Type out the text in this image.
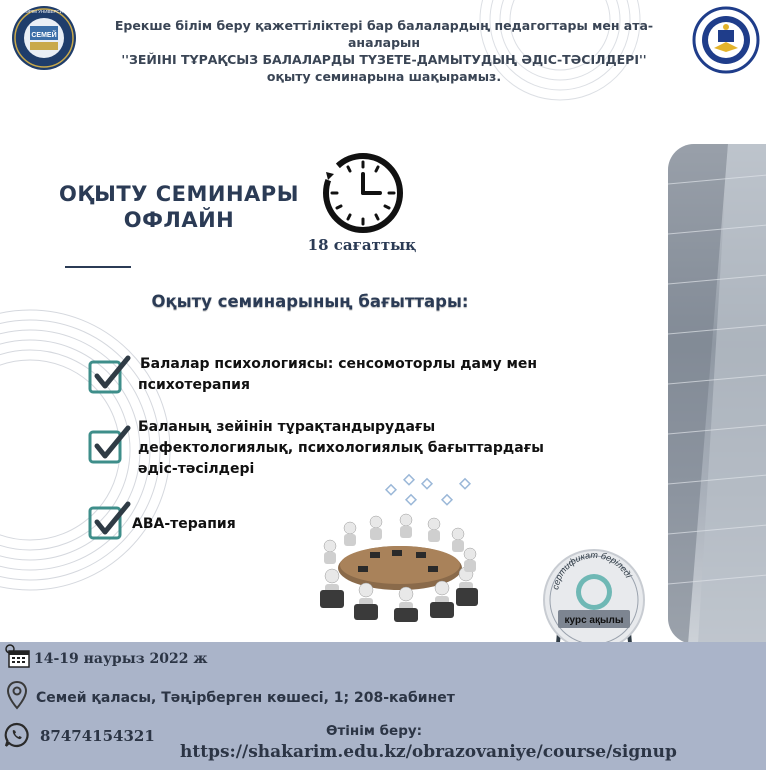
СЕМЕЙ
ШӘКӘРІМ УНИВЕРСИТЕТІ
Ерекше білім беру қажеттіліктері бар балалардың педагогтары мен ата-аналарын
''ЗЕЙІНІ ТҰРАҚСЫЗ БАЛАЛАРДЫ ТҮЗЕТЕ-ДАМЫТУДЫҢ ӘДІС-ТӘСІЛДЕРІ''
оқыту семинарына шақырамыз.
ОҚЫТУ СЕМИНАРЫ
ОФЛАЙН
18 сағаттық
Оқыту семинарының бағыттары:
Балалар психологиясы: сенсомоторлы даму мен
психотерапия
Баланың зейінін тұрақтандырудағы
дефектологиялық, психологиялық бағыттардағы
әдіс-тәсілдері
ABA-терапия
сертификат беріледі
курс ақылы
14-19 наурыз 2022 ж
Семей қаласы, Тәңірберген көшесі, 1; 208-кабинет
87474154321	Өтінім беру:
https://shakarim.edu.kz/obrazovaniye/course/signup
